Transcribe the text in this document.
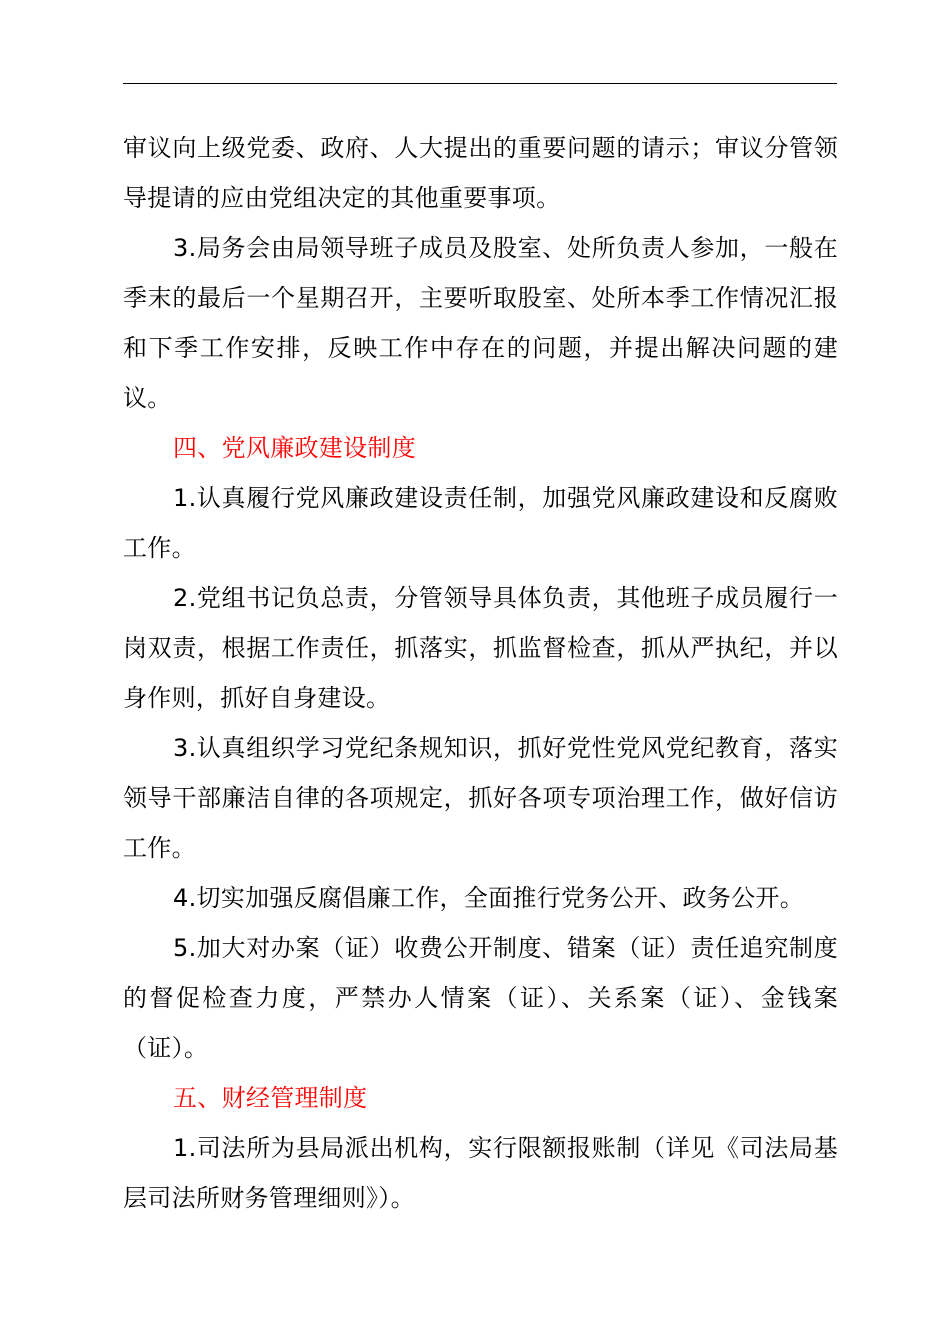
审议向上级党委、政府、人大提出的重要问题的请示；审议分管领导提请的应由党组决定的其他重要事项。

3.局务会由局领导班子成员及股室、处所负责人参加，一般在季末的最后一个星期召开，主要听取股室、处所本季工作情况汇报和下季工作安排，反映工作中存在的问题，并提出解决问题的建议。

四、党风廉政建设制度

1.认真履行党风廉政建设责任制，加强党风廉政建设和反腐败工作。

2.党组书记负总责，分管领导具体负责，其他班子成员履行一岗双责，根据工作责任，抓落实，抓监督检查，抓从严执纪，并以身作则，抓好自身建设。

3.认真组织学习党纪条规知识，抓好党性党风党纪教育，落实领导干部廉洁自律的各项规定，抓好各项专项治理工作，做好信访工作。

4.切实加强反腐倡廉工作，全面推行党务公开、政务公开。

5.加大对办案（证）收费公开制度、错案（证）责任追究制度的督促检查力度，严禁办人情案（证）、关系案（证）、金钱案（证）。

五、财经管理制度

1.司法所为县局派出机构，实行限额报账制（详见《司法局基层司法所财务管理细则》）。
